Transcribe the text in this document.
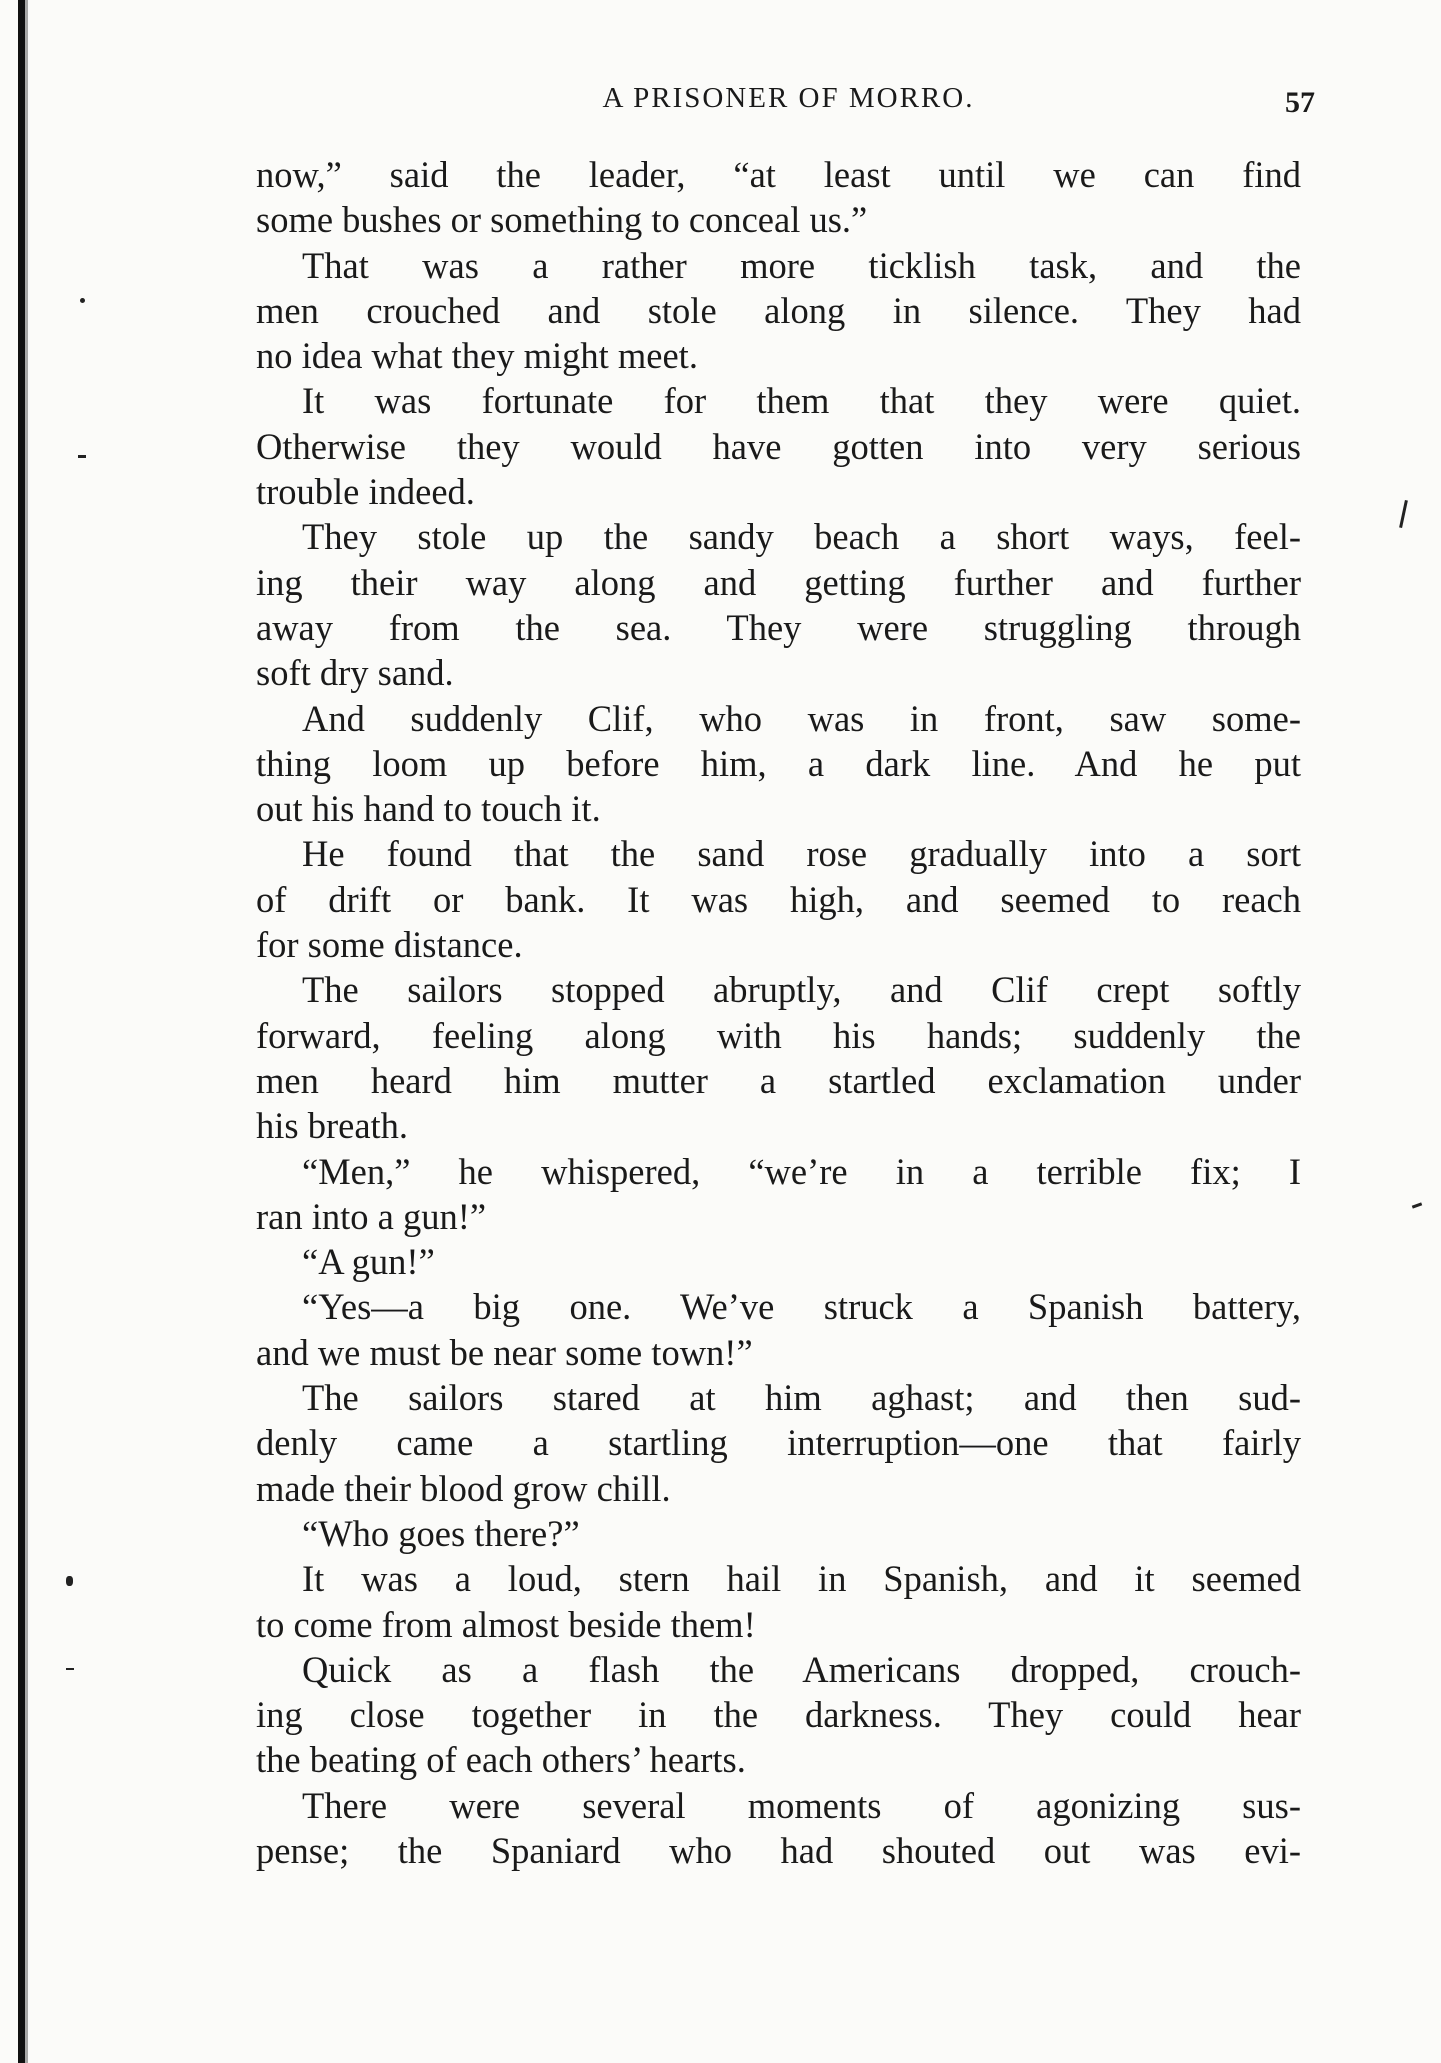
A PRISONER OF MORRO.	57
now,” said the leader, “at least until we can find
some bushes or something to conceal us.”
That was a rather more ticklish task, and the
men crouched and stole along in silence. They had
no idea what they might meet.
It was fortunate for them that they were quiet.
Otherwise they would have gotten into very serious
trouble indeed.
They stole up the sandy beach a short ways, feel-
ing their way along and getting further and further
away from the sea. They were struggling through
soft dry sand.
And suddenly Clif, who was in front, saw some-
thing loom up before him, a dark line. And he put
out his hand to touch it.
He found that the sand rose gradually into a sort
of drift or bank. It was high, and seemed to reach
for some distance.
The sailors stopped abruptly, and Clif crept softly
forward, feeling along with his hands; suddenly the
men heard him mutter a startled exclamation under
his breath.
“Men,” he whispered, “we’re in a terrible fix; I
ran into a gun!”
“A gun!”
“Yes—a big one. We’ve struck a Spanish battery,
and we must be near some town!”
The sailors stared at him aghast; and then sud-
denly came a startling interruption—one that fairly
made their blood grow chill.
“Who goes there?”
It was a loud, stern hail in Spanish, and it seemed
to come from almost beside them!
Quick as a flash the Americans dropped, crouch-
ing close together in the darkness. They could hear
the beating of each others’ hearts.
There were several moments of agonizing sus-
pense; the Spaniard who had shouted out was evi-
